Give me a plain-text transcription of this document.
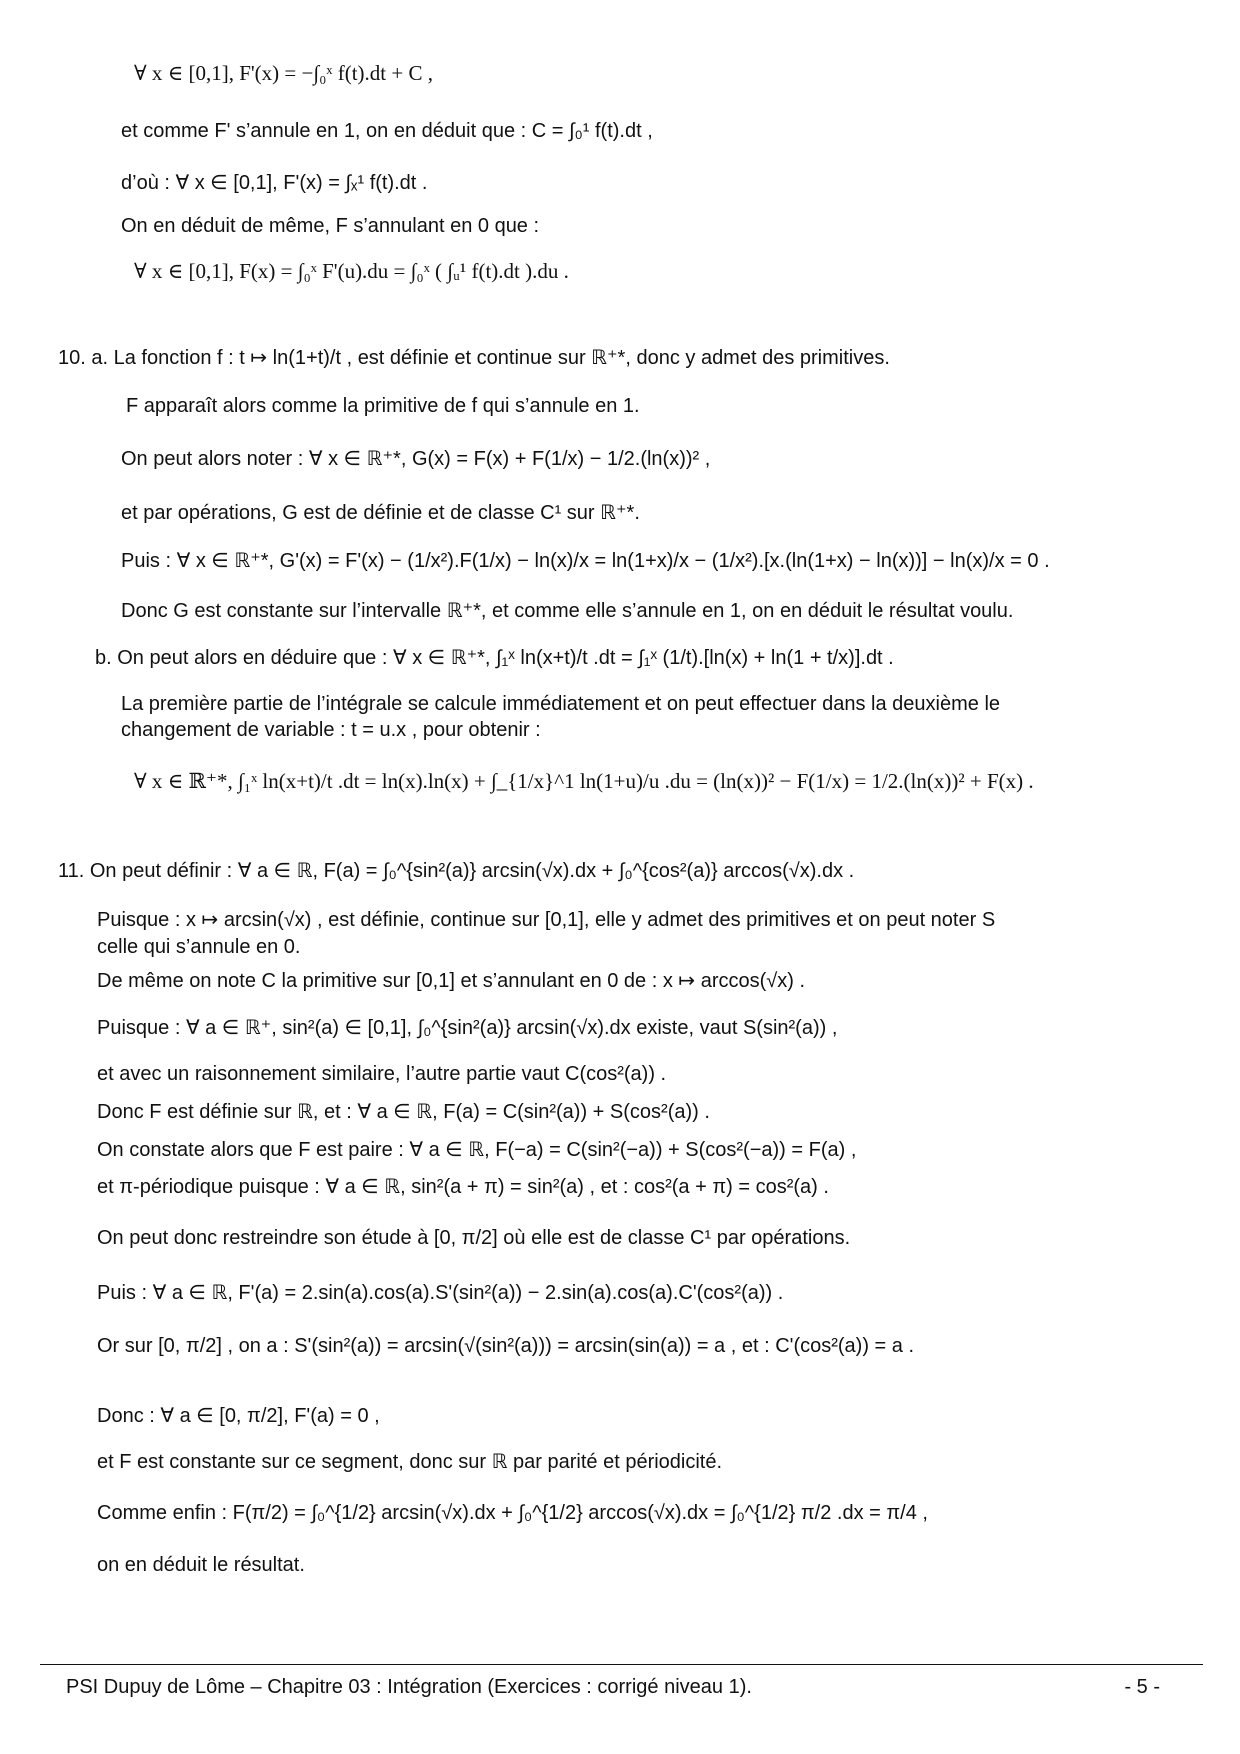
∀ x ∈ [0,1], F'(x) = −∫₀ˣ f(t).dt + C ,
et comme F' s’annule en 1, on en déduit que : C = ∫₀¹ f(t).dt ,
d’où : ∀ x ∈ [0,1], F'(x) = ∫ₓ¹ f(t).dt .
On en déduit de même, F s’annulant en 0 que :
∀ x ∈ [0,1], F(x) = ∫₀ˣ F'(u).du = ∫₀ˣ ( ∫ᵤ¹ f(t).dt ).du .
10. a. La fonction f : t ↦ ln(1+t)/t , est définie et continue sur ℝ⁺*, donc y admet des primitives.
F apparaît alors comme la primitive de f qui s’annule en 1.
On peut alors noter : ∀ x ∈ ℝ⁺*, G(x) = F(x) + F(1/x) − 1/2.(ln(x))² ,
et par opérations, G est de définie et de classe C¹ sur ℝ⁺*.
Puis : ∀ x ∈ ℝ⁺*, G'(x) = F'(x) − (1/x²).F(1/x) − ln(x)/x = ln(1+x)/x − (1/x²).[x.(ln(1+x) − ln(x))] − ln(x)/x = 0 .
Donc G est constante sur l’intervalle ℝ⁺*, et comme elle s’annule en 1, on en déduit le résultat voulu.
b. On peut alors en déduire que : ∀ x ∈ ℝ⁺*, ∫₁ˣ ln(x+t)/t .dt = ∫₁ˣ (1/t).[ln(x) + ln(1 + t/x)].dt .
La première partie de l’intégrale se calcule immédiatement et on peut effectuer dans la deuxième le
changement de variable : t = u.x , pour obtenir :
∀ x ∈ ℝ⁺*, ∫₁ˣ ln(x+t)/t .dt = ln(x).ln(x) + ∫_{1/x}^1 ln(1+u)/u .du = (ln(x))² − F(1/x) = 1/2.(ln(x))² + F(x) .
11. On peut définir : ∀ a ∈ ℝ, F(a) = ∫₀^{sin²(a)} arcsin(√x).dx + ∫₀^{cos²(a)} arccos(√x).dx .
Puisque : x ↦ arcsin(√x) , est définie, continue sur [0,1], elle y admet des primitives et on peut noter S
celle qui s’annule en 0.
De même on note C la primitive sur [0,1] et s’annulant en 0 de : x ↦ arccos(√x) .
Puisque : ∀ a ∈ ℝ⁺, sin²(a) ∈ [0,1], ∫₀^{sin²(a)} arcsin(√x).dx existe, vaut S(sin²(a)) ,
et avec un raisonnement similaire, l’autre partie vaut C(cos²(a)) .
Donc F est définie sur ℝ, et : ∀ a ∈ ℝ, F(a) = C(sin²(a)) + S(cos²(a)) .
On constate alors que F est paire : ∀ a ∈ ℝ, F(−a) = C(sin²(−a)) + S(cos²(−a)) = F(a) ,
et π-périodique puisque : ∀ a ∈ ℝ, sin²(a + π) = sin²(a) , et : cos²(a + π) = cos²(a) .
On peut donc restreindre son étude à [0, π/2] où elle est de classe C¹ par opérations.
Puis : ∀ a ∈ ℝ, F'(a) = 2.sin(a).cos(a).S'(sin²(a)) − 2.sin(a).cos(a).C'(cos²(a)) .
Or sur [0, π/2] , on a : S'(sin²(a)) = arcsin(√(sin²(a))) = arcsin(sin(a)) = a , et : C'(cos²(a)) = a .
Donc : ∀ a ∈ [0, π/2], F'(a) = 0 ,
et F est constante sur ce segment, donc sur ℝ par parité et périodicité.
Comme enfin : F(π/2) = ∫₀^{1/2} arcsin(√x).dx + ∫₀^{1/2} arccos(√x).dx = ∫₀^{1/2} π/2 .dx = π/4 ,
on en déduit le résultat.
PSI Dupuy de Lôme – Chapitre 03 : Intégration (Exercices : corrigé niveau 1).	- 5 -
